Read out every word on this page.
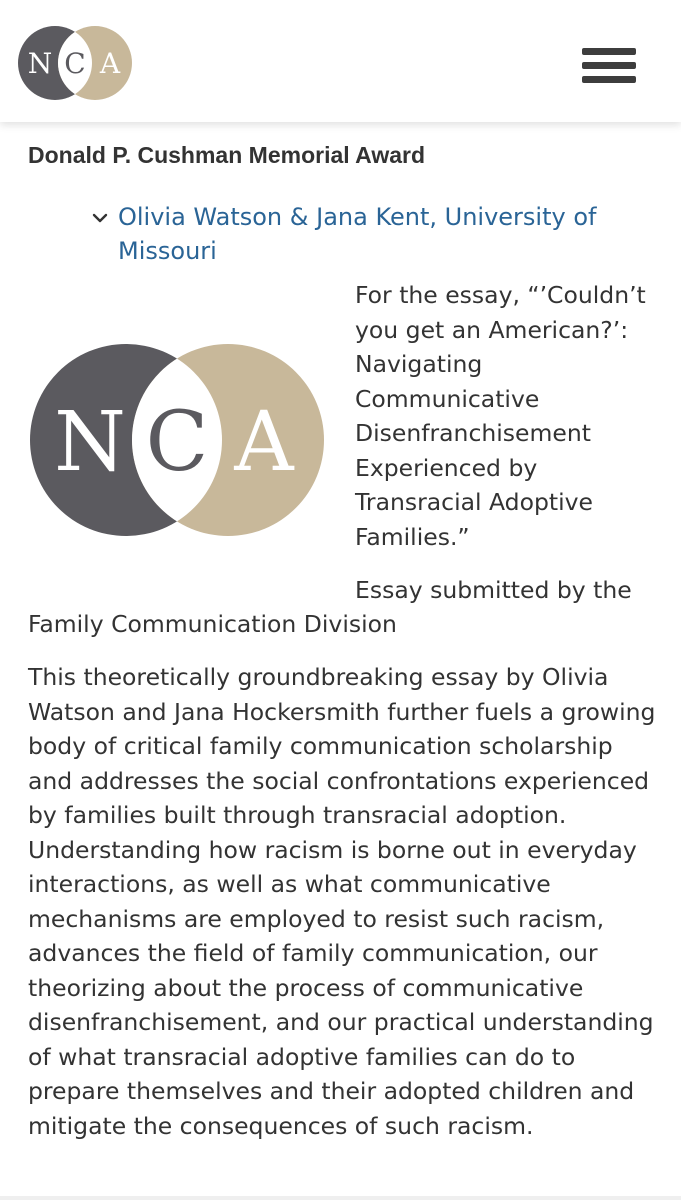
N C A
Donald P. Cushman Memorial Award
Olivia Watson & Jana Kent, University of Missouri
N C A
For the essay, “’Couldn’t you get an American?’: Navigating Communicative Disenfranchisement Experienced by Transracial Adoptive Families.”
Essay submitted by the
Family Communication Division

This theoretically groundbreaking essay by Olivia Watson and Jana Hockersmith further fuels a growing body of critical family communication scholarship and addresses the social confrontations experienced by families built through transracial adoption. Understanding how racism is borne out in everyday interactions, as well as what communicative mechanisms are employed to resist such racism, advances the field of family communication, our theorizing about the process of communicative disenfranchisement, and our practical understanding of what transracial adoptive families can do to prepare themselves and their adopted children and mitigate the consequences of such racism.
